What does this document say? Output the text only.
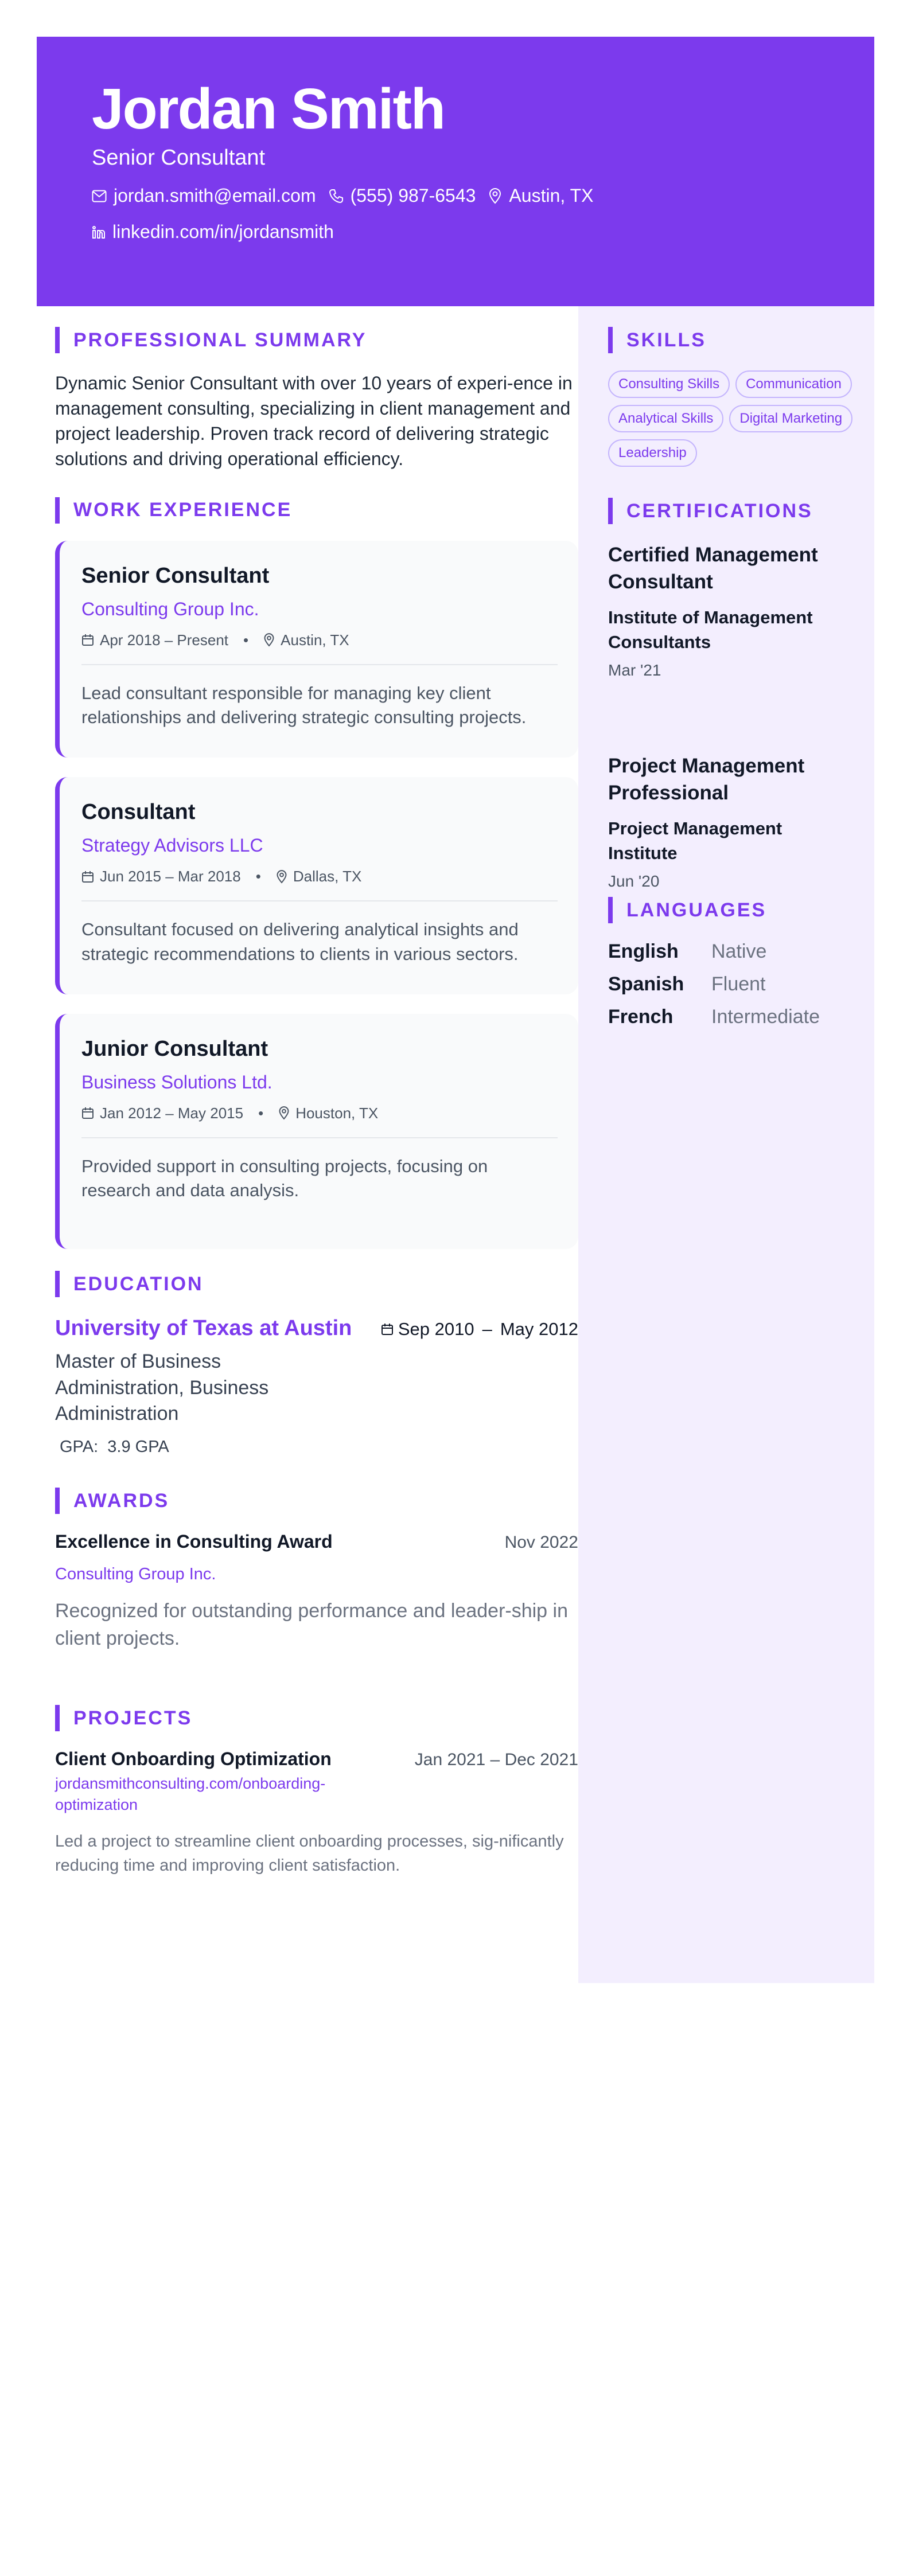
Jordan Smith
Senior Consultant
jordan.smith@email.com (555) 987-6543 Austin, TX
linkedin.com/in/jordansmith
PROFESSIONAL SUMMARY
Dynamic Senior Consultant with over 10 years of experi-ence in management consulting, specializing in client management and project leadership. Proven track record of delivering strategic solutions and driving operational efficiency.
WORK EXPERIENCE
Senior Consultant
Consulting Group Inc.
Apr 2018 – Present • Austin, TX
Lead consultant responsible for managing key client relationships and delivering strategic consulting projects.
Consultant
Strategy Advisors LLC
Jun 2015 – Mar 2018 • Dallas, TX
Consultant focused on delivering analytical insights and strategic recommendations to clients in various sectors.
Junior Consultant
Business Solutions Ltd.
Jan 2012 – May 2015 • Houston, TX
Provided support in consulting projects, focusing on research and data analysis.
EDUCATION
University of Texas at Austin	Sep 2010 – May 2012
Master of Business Administration, Business Administration
GPA: 3.9 GPA
AWARDS
Excellence in Consulting Award	Nov 2022
Consulting Group Inc.
Recognized for outstanding performance and leader-ship in client projects.
PROJECTS
Client Onboarding Optimization	Jan 2021 – Dec 2021
jordansmithconsulting.com/onboarding-optimization
Led a project to streamline client onboarding processes, sig-nificantly reducing time and improving client satisfaction.
SKILLS
Consulting Skills	Communication
Analytical Skills	Digital Marketing
Leadership
CERTIFICATIONS
Certified Management Consultant
Institute of Management Consultants
Mar '21
Project Management Professional
Project Management Institute
Jun '20
LANGUAGES
English	Native
Spanish	Fluent
French	Intermediate
